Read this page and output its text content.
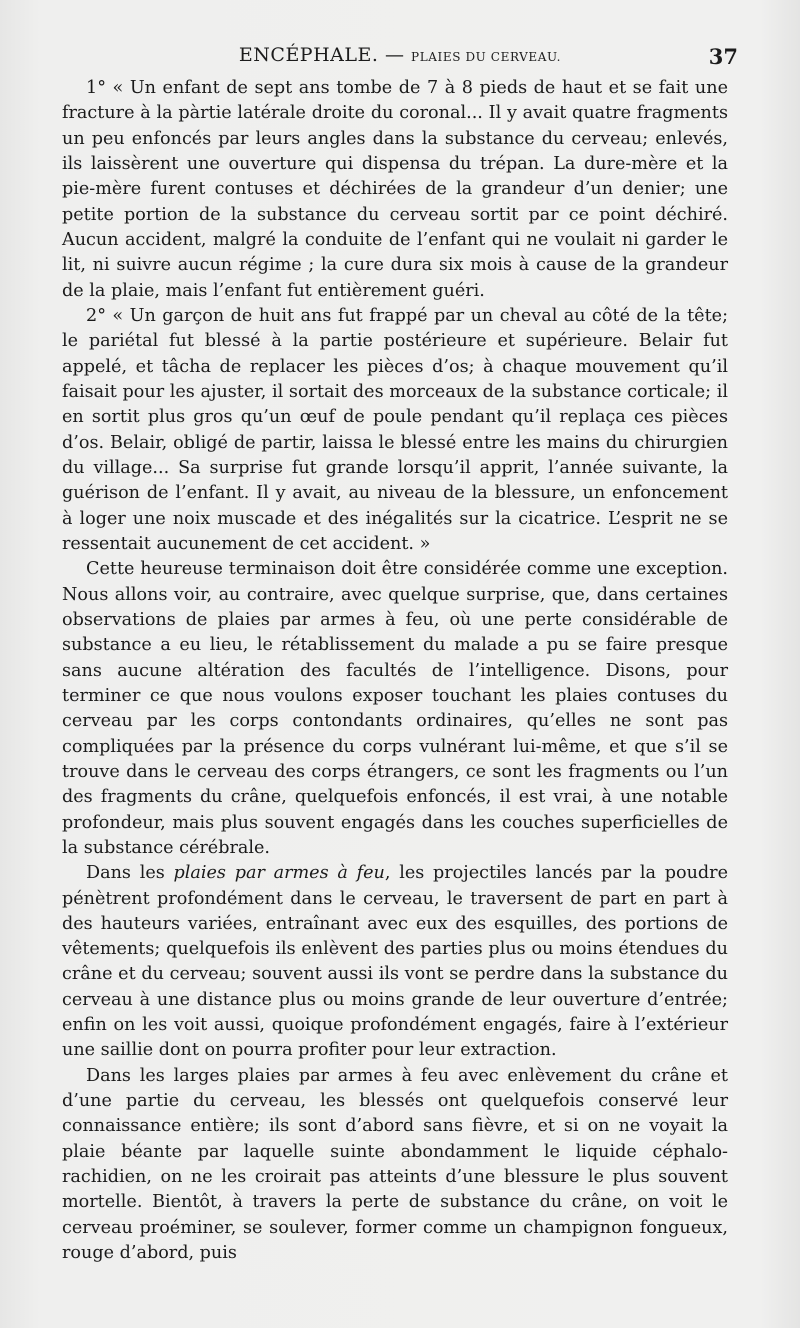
ENCÉPHALE. — PLAIES DU CERVEAU.	37

1° « Un enfant de sept ans tombe de 7 à 8 pieds de haut et se fait une fracture à la pàrtie latérale droite du coronal... Il y avait quatre fragments un peu enfoncés par leurs angles dans la substance du cerveau; enlevés, ils laissèrent une ouverture qui dispensa du trépan. La dure-mère et la pie-mère furent contuses et déchirées de la grandeur d’un denier; une petite portion de la substance du cerveau sortit par ce point déchiré. Aucun accident, malgré la conduite de l’enfant qui ne voulait ni garder le lit, ni suivre aucun régime ; la cure dura six mois à cause de la grandeur de la plaie, mais l’enfant fut entièrement guéri.

2° « Un garçon de huit ans fut frappé par un cheval au côté de la tête; le pariétal fut blessé à la partie postérieure et supérieure. Belair fut appelé, et tâcha de replacer les pièces d’os; à chaque mouvement qu’il faisait pour les ajuster, il sortait des morceaux de la substance corticale; il en sortit plus gros qu’un œuf de poule pendant qu’il replaça ces pièces d’os. Belair, obligé de partir, laissa le blessé entre les mains du chirurgien du village... Sa surprise fut grande lorsqu’il apprit, l’année suivante, la guérison de l’enfant. Il y avait, au niveau de la blessure, un enfoncement à loger une noix muscade et des inégalités sur la cicatrice. L’esprit ne se ressentait aucunement de cet accident. »

Cette heureuse terminaison doit être considérée comme une exception. Nous allons voir, au contraire, avec quelque surprise, que, dans certaines observations de plaies par armes à feu, où une perte considérable de substance a eu lieu, le rétablissement du malade a pu se faire presque sans aucune altération des facultés de l’intelligence. Disons, pour terminer ce que nous voulons exposer touchant les plaies contuses du cerveau par les corps contondants ordinaires, qu’elles ne sont pas compliquées par la présence du corps vulnérant lui-même, et que s’il se trouve dans le cerveau des corps étrangers, ce sont les fragments ou l’un des fragments du crâne, quelquefois enfoncés, il est vrai, à une notable profondeur, mais plus souvent engagés dans les couches superficielles de la substance cérébrale.

Dans les plaies par armes à feu, les projectiles lancés par la poudre pénètrent profondément dans le cerveau, le traversent de part en part à des hauteurs variées, entraînant avec eux des esquilles, des portions de vêtements; quelquefois ils enlèvent des parties plus ou moins étendues du crâne et du cerveau; souvent aussi ils vont se perdre dans la substance du cerveau à une distance plus ou moins grande de leur ouverture d’entrée; enfin on les voit aussi, quoique profondément engagés, faire à l’extérieur une saillie dont on pourra profiter pour leur extraction.

Dans les larges plaies par armes à feu avec enlèvement du crâne et d’une partie du cerveau, les blessés ont quelquefois conservé leur connaissance entière; ils sont d’abord sans fièvre, et si on ne voyait la plaie béante par laquelle suinte abondamment le liquide céphalo-rachidien, on ne les croirait pas atteints d’une blessure le plus souvent mortelle. Bientôt, à travers la perte de substance du crâne, on voit le cerveau proéminer, se soulever, former comme un champignon fongueux, rouge d’abord, puis
